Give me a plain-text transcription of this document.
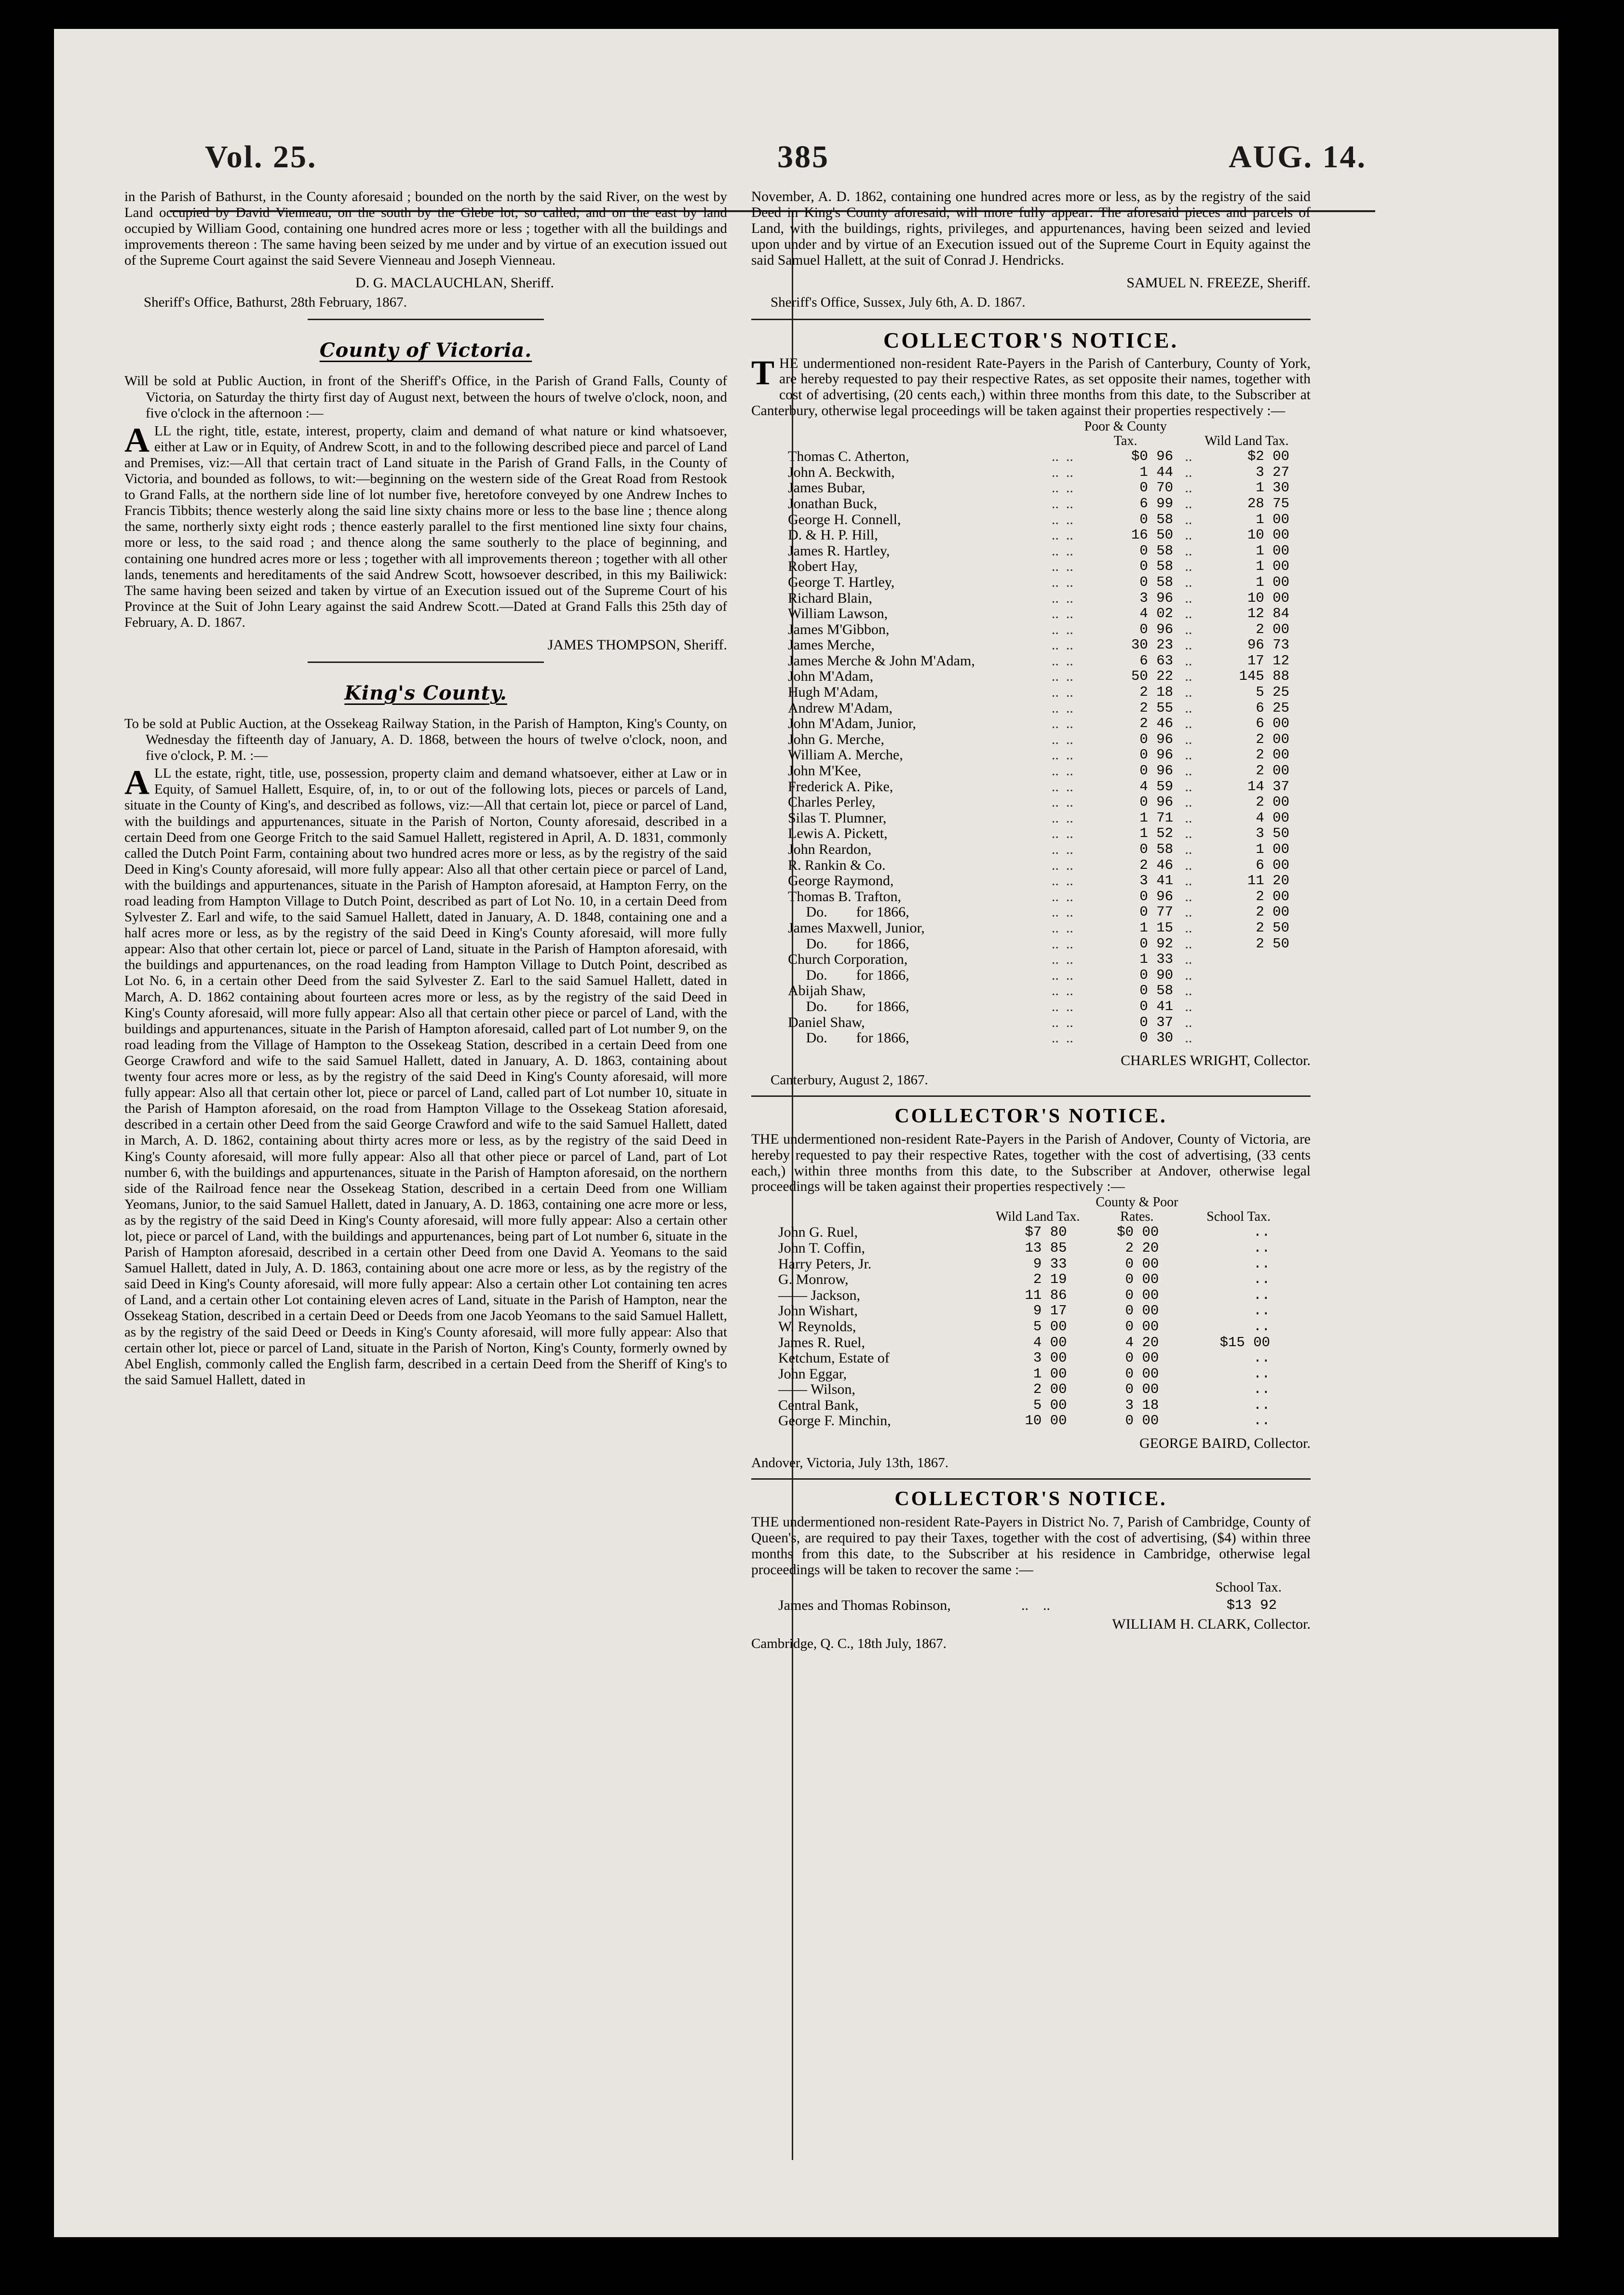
Vol. 25.	385	AUG. 14.
in the Parish of Bathurst, in the County aforesaid ; bounded on the north by the said River, on the west by Land occupied by David Vienneau, on the south by the Glebe lot, so called, and on the east by land occupied by William Good, containing one hundred acres more or less ; together with all the buildings and improvements thereon : The same having been seized by me under and by virtue of an execution issued out of the Supreme Court against the said Severe Vienneau and Joseph Vienneau.
D. G. MACLAUCHLAN, Sheriff.
Sheriff's Office, Bathurst, 28th February, 1867.
County of Victoria.
Will be sold at Public Auction, in front of the Sheriff's Office, in the Parish of Grand Falls, County of Victoria, on Saturday the thirty first day of August next, between the hours of twelve o'clock, noon, and five o'clock in the afternoon :—
ALL the right, title, estate, interest, property, claim and demand of what nature or kind whatsoever, either at Law or in Equity, of Andrew Scott, in and to the following described piece and parcel of Land and Premises, viz:—All that certain tract of Land situate in the Parish of Grand Falls, in the County of Victoria, and bounded as follows, to wit:—beginning on the western side of the Great Road from Restook to Grand Falls, at the northern side line of lot number five, heretofore conveyed by one Andrew Inches to Francis Tibbits; thence westerly along the said line sixty chains more or less to the base line ; thence along the same, northerly sixty eight rods ; thence easterly parallel to the first mentioned line sixty four chains, more or less, to the said road ; and thence along the same southerly to the place of beginning, and containing one hundred acres more or less ; together with all improvements thereon ; together with all other lands, tenements and hereditaments of the said Andrew Scott, howsoever described, in this my Bailiwick: The same having been seized and taken by virtue of an Execution issued out of the Supreme Court of his Province at the Suit of John Leary against the said Andrew Scott.—Dated at Grand Falls this 25th day of February, A. D. 1867.
JAMES THOMPSON, Sheriff.
King's County.
To be sold at Public Auction, at the Ossekeag Railway Station, in the Parish of Hampton, King's County, on Wednesday the fifteenth day of January, A. D. 1868, between the hours of twelve o'clock, noon, and five o'clock, P. M. :—
ALL the estate, right, title, use, possession, property claim and demand whatsoever, either at Law or in Equity, of Samuel Hallett, Esquire, of, in, to or out of the following lots, pieces or parcels of Land, situate in the County of King's, and described as follows, viz:—All that certain lot, piece or parcel of Land, with the buildings and appurtenances, situate in the Parish of Norton, County aforesaid, described in a certain Deed from one George Fritch to the said Samuel Hallett, registered in April, A. D. 1831, commonly called the Dutch Point Farm, containing about two hundred acres more or less, as by the registry of the said Deed in King's County aforesaid, will more fully appear: Also all that other certain piece or parcel of Land, with the buildings and appurtenances, situate in the Parish of Hampton aforesaid, at Hampton Ferry, on the road leading from Hampton Village to Dutch Point, described as part of Lot No. 10, in a certain Deed from Sylvester Z. Earl and wife, to the said Samuel Hallett, dated in January, A. D. 1848, containing one and a half acres more or less, as by the registry of the said Deed in King's County aforesaid, will more fully appear: Also that other certain lot, piece or parcel of Land, situate in the Parish of Hampton aforesaid, with the buildings and appurtenances, on the road leading from Hampton Village to Dutch Point, described as Lot No. 6, in a certain other Deed from the said Sylvester Z. Earl to the said Samuel Hallett, dated in March, A. D. 1862 containing about fourteen acres more or less, as by the registry of the said Deed in King's County aforesaid, will more fully appear: Also all that certain other piece or parcel of Land, with the buildings and appurtenances, situate in the Parish of Hampton aforesaid, called part of Lot number 9, on the road leading from the Village of Hampton to the Ossekeag Station, described in a certain Deed from one George Crawford and wife to the said Samuel Hallett, dated in January, A. D. 1863, containing about twenty four acres more or less, as by the registry of the said Deed in King's County aforesaid, will more fully appear: Also all that certain other lot, piece or parcel of Land, called part of Lot number 10, situate in the Parish of Hampton aforesaid, on the road from Hampton Village to the Ossekeag Station aforesaid, described in a certain other Deed from the said George Crawford and wife to the said Samuel Hallett, dated in March, A. D. 1862, containing about thirty acres more or less, as by the registry of the said Deed in King's County aforesaid, will more fully appear: Also all that other piece or parcel of Land, part of Lot number 6, with the buildings and appurtenances, situate in the Parish of Hampton aforesaid, on the northern side of the Railroad fence near the Ossekeag Station, described in a certain Deed from one William Yeomans, Junior, to the said Samuel Hallett, dated in January, A. D. 1863, containing one acre more or less, as by the registry of the said Deed in King's County aforesaid, will more fully appear: Also a certain other lot, piece or parcel of Land, with the buildings and appurtenances, being part of Lot number 6, situate in the Parish of Hampton aforesaid, described in a certain other Deed from one David A. Yeomans to the said Samuel Hallett, dated in July, A. D. 1863, containing about one acre more or less, as by the registry of the said Deed in King's County aforesaid, will more fully appear: Also a certain other Lot containing ten acres of Land, and a certain other Lot containing eleven acres of Land, situate in the Parish of Hampton, near the Ossekeag Station, described in a certain Deed or Deeds from one Jacob Yeomans to the said Samuel Hallett, as by the registry of the said Deed or Deeds in King's County aforesaid, will more fully appear: Also that certain other lot, piece or parcel of Land, situate in the Parish of Norton, King's County, formerly owned by Abel English, commonly called the English farm, described in a certain Deed from the Sheriff of King's to the said Samuel Hallett, dated in
November, A. D. 1862, containing one hundred acres more or less, as by the registry of the said Deed in King's County aforesaid, will more fully appear: The aforesaid pieces and parcels of Land, with the buildings, rights, privileges, and appurtenances, having been seized and levied upon under and by virtue of an Execution issued out of the Supreme Court in Equity against the said Samuel Hallett, at the suit of Conrad J. Hendricks.
SAMUEL N. FREEZE, Sheriff.
Sheriff's Office, Sussex, July 6th, A. D. 1867.
COLLECTOR'S NOTICE.
THE undermentioned non-resident Rate-Payers in the Parish of Canterbury, County of York, are hereby requested to pay their respective Rates, as set opposite their names, together with cost of advertising, (20 cents each,) within three months from this date, to the Subscriber at Canterbury, otherwise legal proceedings will be taken against their properties respectively :—
		Poor & County Tax.		Wild Land Tax.
Thomas C. Atherton,	..  ..	$0 96	..	$2 00
John A. Beckwith,	..  ..	1 44	..	3 27
James Bubar,	..  ..	0 70	..	1 30
Jonathan Buck,	..  ..	6 99	..	28 75
George H. Connell,	..  ..	0 58	..	1 00
D. & H. P. Hill,	..  ..	16 50	..	10 00
James R. Hartley,	..  ..	0 58	..	1 00
Robert Hay,	..  ..	0 58	..	1 00
George T. Hartley,	..  ..	0 58	..	1 00
Richard Blain,	..  ..	3 96	..	10 00
William Lawson,	..  ..	4 02	..	12 84
James M'Gibbon,	..  ..	0 96	..	2 00
James Merche,	..  ..	30 23	..	96 73
James Merche & John M'Adam,	..  ..	6 63	..	17 12
John M'Adam,	..  ..	50 22	..	145 88
Hugh M'Adam,	..  ..	2 18	..	5 25
Andrew M'Adam,	..  ..	2 55	..	6 25
John M'Adam, Junior,	..  ..	2 46	..	6 00
John G. Merche,	..  ..	0 96	..	2 00
William A. Merche,	..  ..	0 96	..	2 00
John M'Kee,	..  ..	0 96	..	2 00
Frederick A. Pike,	..  ..	4 59	..	14 37
Charles Perley,	..  ..	0 96	..	2 00
Silas T. Plumner,	..  ..	1 71	..	4 00
Lewis A. Pickett,	..  ..	1 52	..	3 50
John Reardon,	..  ..	0 58	..	1 00
R. Rankin & Co.	..  ..	2 46	..	6 00
George Raymond,	..  ..	3 41	..	11 20
Thomas B. Trafton,	..  ..	0 96	..	2 00
Do.        for 1866,	..  ..	0 77	..	2 00
James Maxwell, Junior,	..  ..	1 15	..	2 50
Do.        for 1866,	..  ..	0 92	..	2 50
Church Corporation,	..  ..	1 33	..	
Do.        for 1866,	..  ..	0 90	..	
Abijah Shaw,	..  ..	0 58	..	
Do.        for 1866,	..  ..	0 41	..	
Daniel Shaw,	..  ..	0 37	..	
Do.        for 1866,	..  ..	0 30	..	
CHARLES WRIGHT, Collector.
Canterbury, August 2, 1867.
COLLECTOR'S NOTICE.
THE undermentioned non-resident Rate-Payers in the Parish of Andover, County of Victoria, are hereby requested to pay their respective Rates, together with the cost of advertising, (33 cents each,) within three months from this date, to the Subscriber at Andover, otherwise legal proceedings will be taken against their properties respectively :—
	Wild Land Tax.	County & Poor Rates.	School Tax.
John G. Ruel,	$7 80	$0 00	..
John T. Coffin,	13 85	2 20	..
Harry Peters, Jr.	9 33	0 00	..
G. Monrow,	2 19	0 00	..
—— Jackson,	11 86	0 00	..
John Wishart,	9 17	0 00	..
W. Reynolds,	5 00	0 00	..
James R. Ruel,	4 00	4 20	$15 00
Ketchum, Estate of	3 00	0 00	..
John Eggar,	1 00	0 00	..
—— Wilson,	2 00	0 00	..
Central Bank,	5 00	3 18	..
George F. Minchin,	10 00	0 00	..
GEORGE BAIRD, Collector.
Andover, Victoria, July 13th, 1867.
COLLECTOR'S NOTICE.
THE undermentioned non-resident Rate-Payers in District No. 7, Parish of Cambridge, County of Queen's, are required to pay their Taxes, together with the cost of advertising, ($4) within three months from this date, to the Subscriber at his residence in Cambridge, otherwise legal proceedings will be taken to recover the same :—
School Tax.
James and Thomas Robinson,	..    ..	$13 92
WILLIAM H. CLARK, Collector.
Cambridge, Q. C., 18th July, 1867.
